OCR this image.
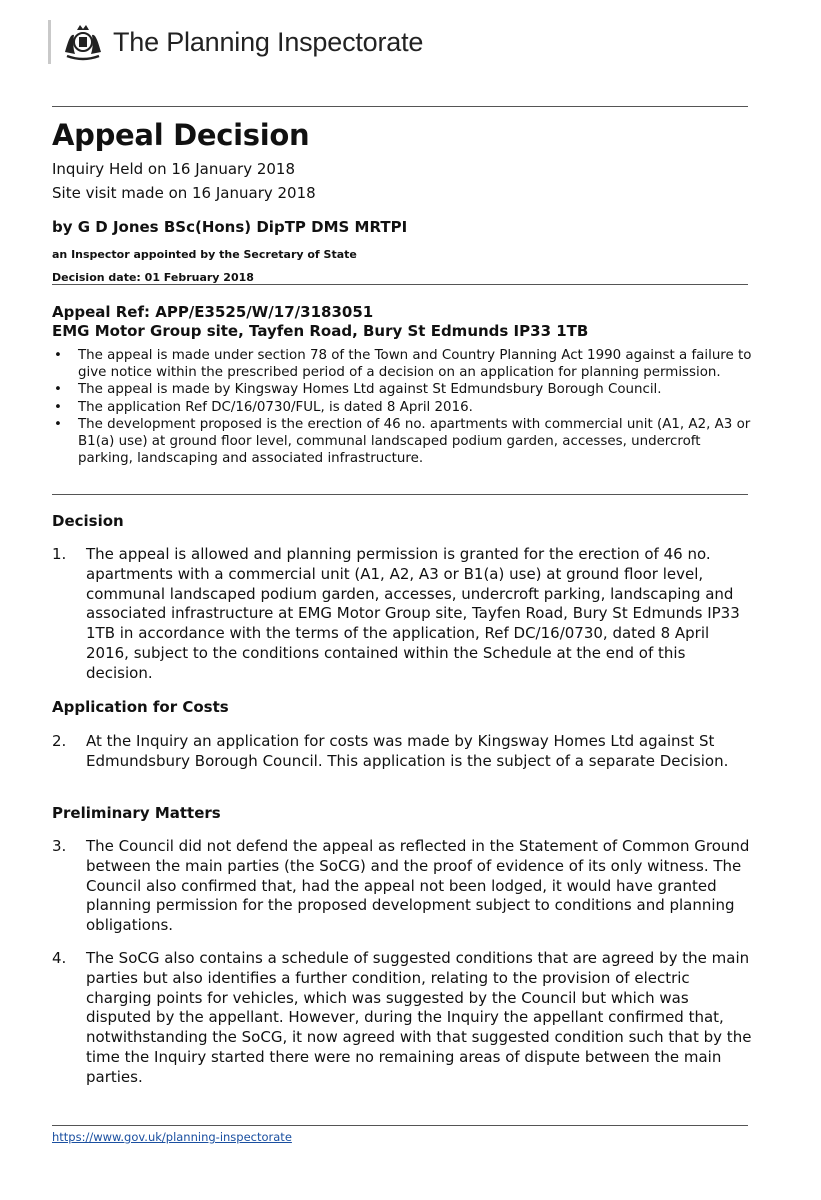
The Planning Inspectorate
Appeal Decision

Inquiry Held on 16 January 2018

Site visit made on 16 January 2018

by G D Jones BSc(Hons) DipTP DMS MRTPI

an Inspector appointed by the Secretary of State

Decision date: 01 February 2018

Appeal Ref: APP/E3525/W/17/3183051

EMG Motor Group site, Tayfen Road, Bury St Edmunds IP33 1TB

• The appeal is made under section 78 of the Town and Country Planning Act 1990 against a failure to give notice within the prescribed period of a decision on an application for planning permission.
• The appeal is made by Kingsway Homes Ltd against St Edmundsbury Borough Council.
• The application Ref DC/16/0730/FUL, is dated 8 April 2016.
• The development proposed is the erection of 46 no. apartments with commercial unit (A1, A2, A3 or B1(a) use) at ground floor level, communal landscaped podium garden, accesses, undercroft parking, landscaping and associated infrastructure.
Decision
1.	The appeal is allowed and planning permission is granted for the erection of 46 no. apartments with a commercial unit (A1, A2, A3 or B1(a) use) at ground floor level, communal landscaped podium garden, accesses, undercroft parking, landscaping and associated infrastructure at EMG Motor Group site, Tayfen Road, Bury St Edmunds IP33 1TB in accordance with the terms of the application, Ref DC/16/0730, dated 8 April 2016, subject to the conditions contained within the Schedule at the end of this decision.
Application for Costs
2.	At the Inquiry an application for costs was made by Kingsway Homes Ltd against St Edmundsbury Borough Council. This application is the subject of a separate Decision.
Preliminary Matters
3.	The Council did not defend the appeal as reflected in the Statement of Common Ground between the main parties (the SoCG) and the proof of evidence of its only witness. The Council also confirmed that, had the appeal not been lodged, it would have granted planning permission for the proposed development subject to conditions and planning obligations.
4.	The SoCG also contains a schedule of suggested conditions that are agreed by the main parties but also identifies a further condition, relating to the provision of electric charging points for vehicles, which was suggested by the Council but which was disputed by the appellant. However, during the Inquiry the appellant confirmed that, notwithstanding the SoCG, it now agreed with that suggested condition such that by the time the Inquiry started there were no remaining areas of dispute between the main parties.
https://www.gov.uk/planning-inspectorate
